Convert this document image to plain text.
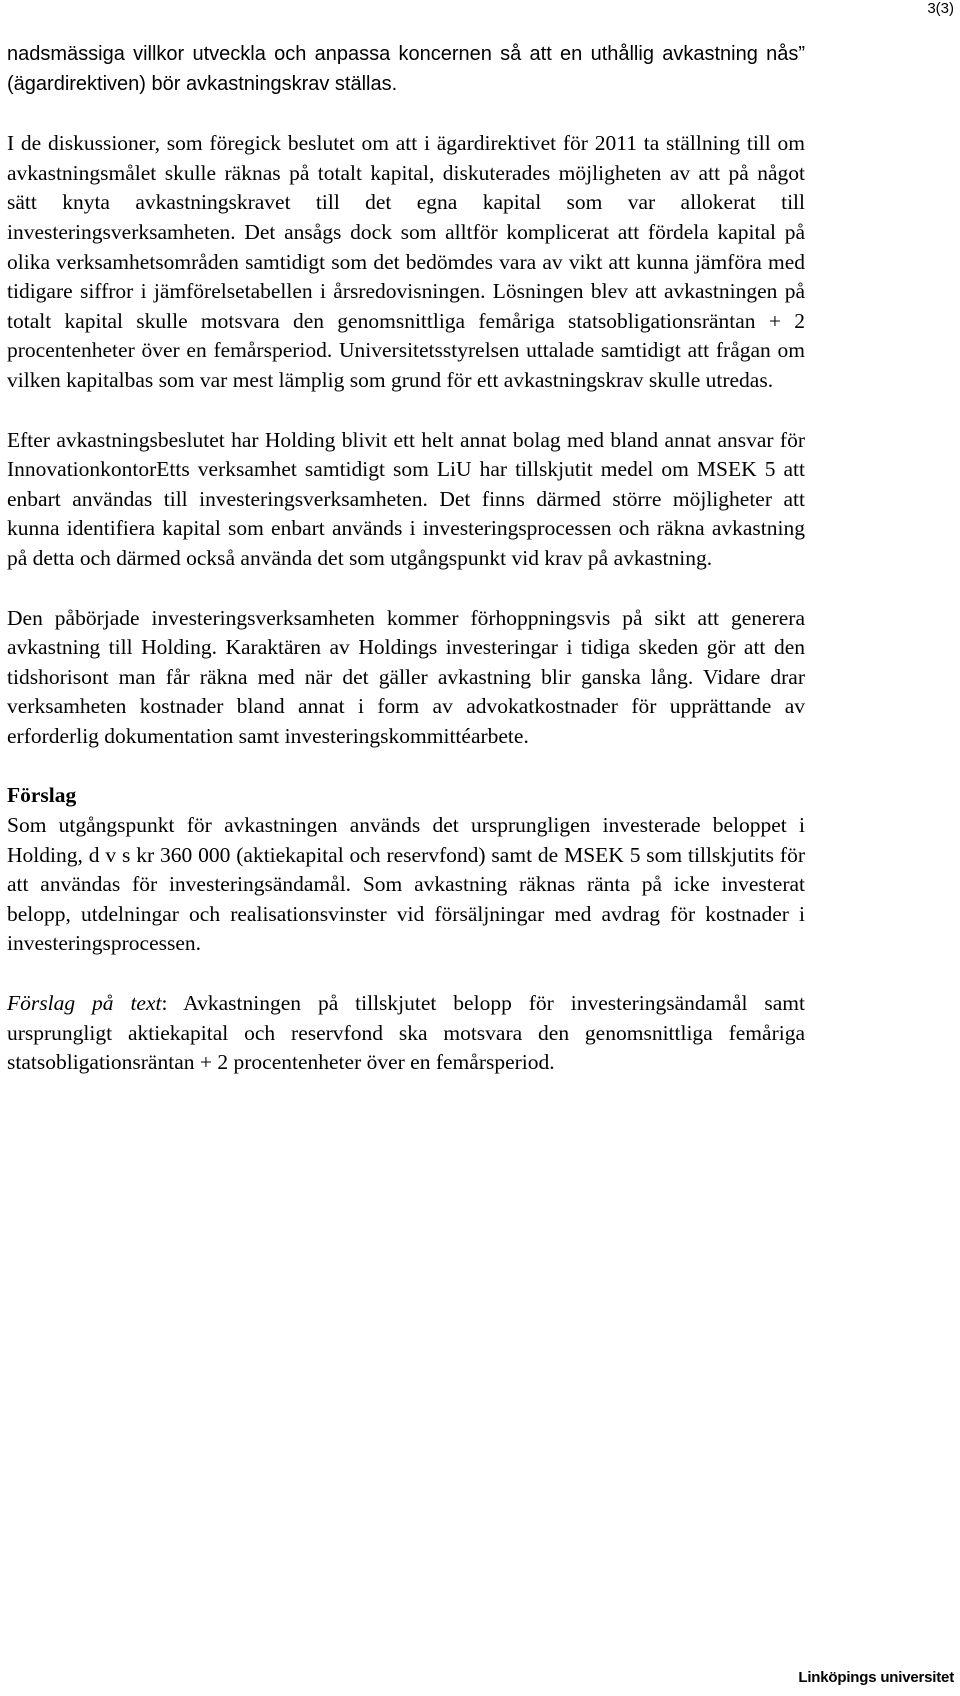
3(3)

nadsmässiga villkor utveckla och anpassa koncernen så att en uthållig avkastning nås” (ägardirektiven) bör avkastningskrav ställas.

I de diskussioner, som föregick beslutet om att i ägardirektivet för 2011 ta ställning till om avkastningsmålet skulle räknas på totalt kapital, diskuterades möjligheten av att på något sätt knyta avkastningskravet till det egna kapital som var allokerat till investeringsverksamheten. Det ansågs dock som alltför komplicerat att fördela kapital på olika verksamhetsområden samtidigt som det bedömdes vara av vikt att kunna jämföra med tidigare siffror i jämförelsetabellen i årsredovisningen. Lösningen blev att avkastningen på totalt kapital skulle motsvara den genomsnittliga femåriga statsobligationsräntan + 2 procentenheter över en femårsperiod. Universitetsstyrelsen uttalade samtidigt att frågan om vilken kapitalbas som var mest lämplig som grund för ett avkastningskrav skulle utredas.

Efter avkastningsbeslutet har Holding blivit ett helt annat bolag med bland annat ansvar för InnovationkontorEtts verksamhet samtidigt som LiU har tillskjutit medel om MSEK 5 att enbart användas till investeringsverksamheten. Det finns därmed större möjligheter att kunna identifiera kapital som enbart används i investeringsprocessen och räkna avkastning på detta och därmed också använda det som utgångspunkt vid krav på avkastning.

Den påbörjade investeringsverksamheten kommer förhoppningsvis på sikt att generera avkastning till Holding. Karaktären av Holdings investeringar i tidiga skeden gör att den tidshorisont man får räkna med när det gäller avkastning blir ganska lång. Vidare drar verksamheten kostnader bland annat i form av advokatkostnader för upprättande av erforderlig dokumentation samt investeringskommittéarbete.

Förslag

Som utgångspunkt för avkastningen används det ursprungligen investerade beloppet i Holding, d v s kr 360 000 (aktiekapital och reservfond) samt de MSEK 5 som tillskjutits för att användas för investeringsändamål. Som avkastning räknas ränta på icke investerat belopp, utdelningar och realisationsvinster vid försäljningar med avdrag för kostnader i investeringsprocessen.

Förslag på text: Avkastningen på tillskjutet belopp för investeringsändamål samt ursprungligt aktiekapital och reservfond ska motsvara den genomsnittliga femåriga statsobligationsräntan + 2 procentenheter över en femårsperiod.

Linköpings universitet
